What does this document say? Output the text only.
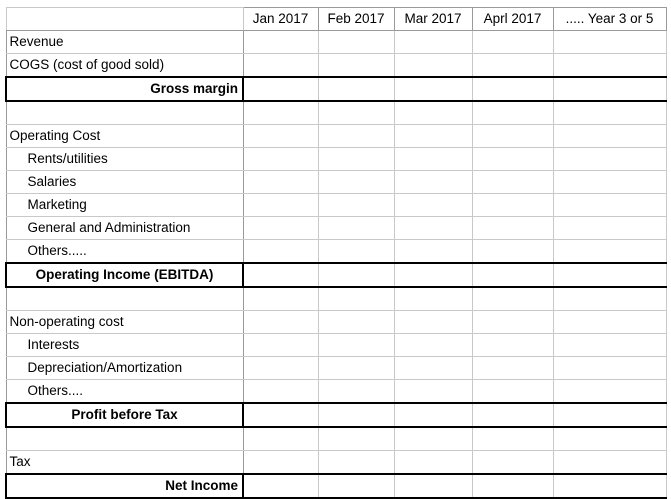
	Jan 2017	Feb 2017	Mar 2017	Aprl 2017	..... Year 3 or 5
Revenue					
COGS (cost of good sold)					
Gross margin					

Operating Cost					
Rents/utilities					
Salaries					
Marketing					
General and Administration					
Others.....					
Operating Income (EBITDA)					

Non-operating cost					
Interests					
Depreciation/Amortization					
Others....					
Profit before Tax					

Tax					
Net Income					
